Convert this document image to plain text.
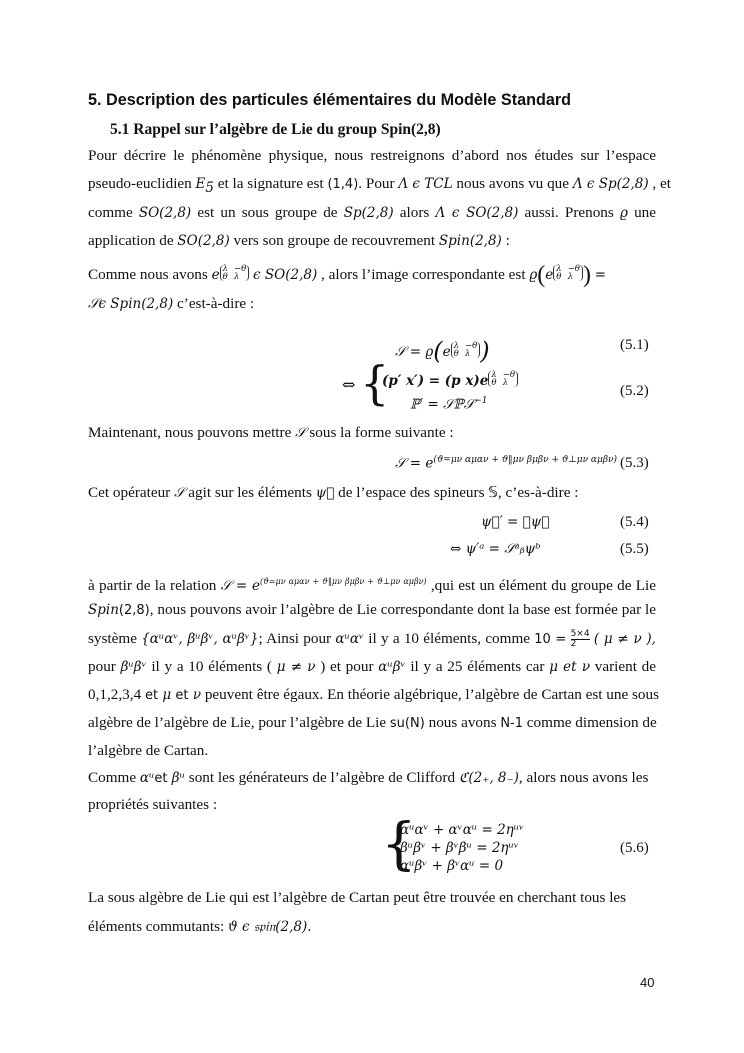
5. Description des particules élémentaires du Modèle Standard
5.1 Rappel sur l’algèbre de Lie du group Spin(2,8)
Pour décrire le phénomène physique, nous restreignons d’abord nos études sur l’espace
pseudo-euclidien $E_5$ et la signature est (1,4). Pour Λ ϵ TCL nous avons vu que Λ ϵ Sp(2,8) , et
comme SO(2,8) est un sous groupe de Sp(2,8) alors Λ ϵ SO(2,8) aussi. Prenons ϱ une
application de SO(2,8) vers son groupe de recouvrement Spin(2,8) :
Comme nous avons e λ −θ
θ λ	ϵ SO(2,8) , alors l’image correspondante est ϱ(e λ −θ
θ λ ) =
𝒮ϵ Spin(2,8) c’est-à-dire :
𝒮 = ϱ(e λ −θ
θ λ )	(5.1)
⇔ {
(p′ x′) = (p x)e λ −θ
θ λ
ℙ′ = 𝒮ℙ𝒮$^{-1}$
(5.2)
Maintenant, nous pouvons mettre 𝒮 sous la forme suivante :
𝒮 = $e^{(ϑ=\mu\nu \alpha\mu\alpha\nu + ϑ‖\mu\nu \beta\mu\beta\nu + ϑ\perp\mu\nu \alpha\mu\beta\nu)}$ (5.3)
Cet opérateur 𝒮 agit sur les éléments ψ⃗ de l’espace des spineurs 𝕊, c’es-à-dire :
ψ⃗′ = 𝒮ψ⃗	(5.4)
⇔ ψ′ᵃ = 𝒮ᵃᵦψᵇ	(5.5)
à partir de la relation 𝒮 = $e^{(ϑ=\mu\nu \alpha\mu\alpha\nu + ϑ‖\mu\nu \beta\mu\beta\nu + ϑ\perp\mu\nu \alpha\mu\beta\nu)}$ ,qui est un élément du groupe de Lie
Spin(2,8), nous pouvons avoir l’algèbre de Lie correspondante dont la base est formée par le
système {αᵘαᵛ, βᵘβᵛ, αᵘβᵛ}; Ainsi pour αᵘαᵛ il y a 10 éléments, comme $10 = \frac{5\times 4}{2}$ ( μ ≠ ν ),
pour βᵘβᵛ il y a 10 éléments ( μ ≠ ν ) et pour αᵘβᵛ il y a 25 éléments car μ et ν varient de
0,1,2,3,4 et μ et ν peuvent être égaux. En théorie algébrique, l’algèbre de Cartan est une sous
algèbre de l’algèbre de Lie, pour l’algèbre de Lie su(N) nous avons N-1 comme dimension de
l’algèbre de Cartan.
Comme αᵘet βᵘ sont les générateurs de l’algèbre de Clifford ℭ(2₊, 8₋), alors nous avons les
propriétés suivantes :
{
αᵘαᵛ + αᵛαᵘ = 2ηᵘᵛ
βᵘβᵛ + βᵛβᵘ = 2ηᵘᵛ
αᵘβᵛ + βᵛαᵘ = 0
(5.6)
La sous algèbre de Lie qui est l’algèbre de Cartan peut être trouvée en cherchant tous les
éléments commutants: ϑ ϵ 𝔰𝔭𝔦𝔫(2,8).
40
